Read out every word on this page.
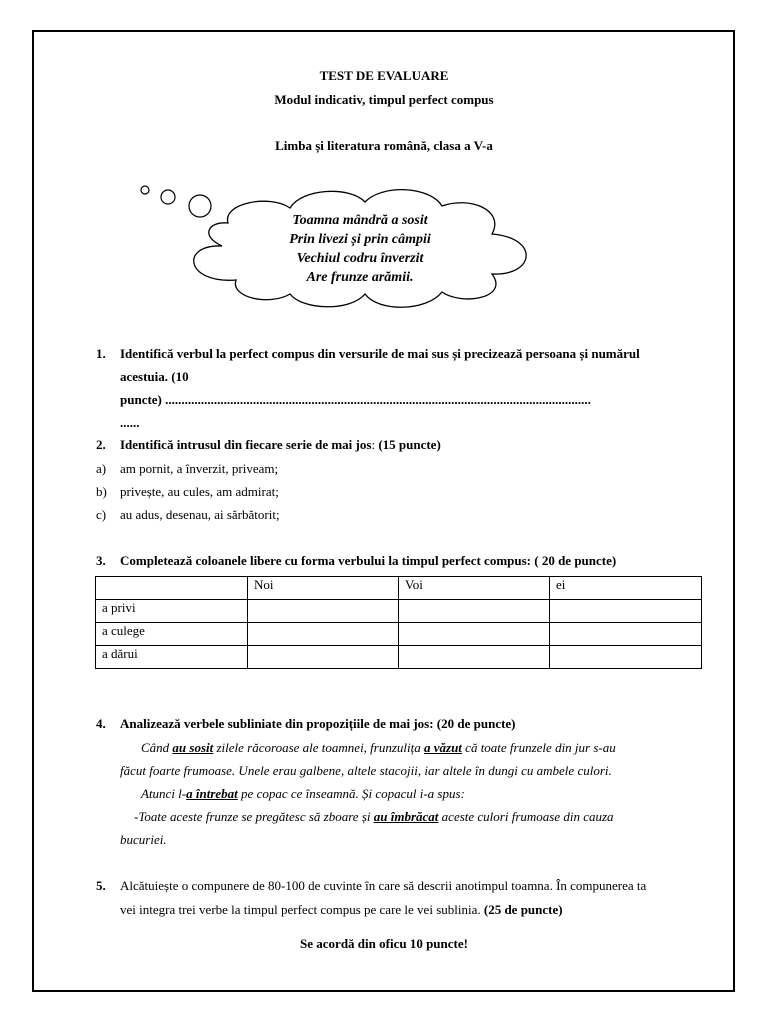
TEST DE EVALUARE
Modul indicativ, timpul perfect compus
Limba și literatura română, clasa a V-a
Toamna mândră a sosit
Prin livezi și prin câmpii
Vechiul codru înverzit
Are frunze arămii.
1. Identifică verbul la perfect compus din versurile de mai sus și precizează persoana și numărul
acestuia. (10
puncte) ...................................................................................................................................
......
2. Identifică intrusul din fiecare serie de mai jos: (15 puncte)
a) am pornit, a înverzit, priveam;
b) privește, au cules, am admirat;
c) au adus, desenau, ai sărbătorit;
3. Completează coloanele libere cu forma verbului la timpul perfect compus: ( 20 de puncte)
	Noi	Voi	ei
a privi			
a culege			
a dărui			
4. Analizează verbele subliniate din propozițiile de mai jos: (20 de puncte)
Când au sosit zilele răcoroase ale toamnei, frunzulița a văzut că toate frunzele din jur s-au
făcut foarte frumoase. Unele erau galbene, altele stacojii, iar altele în dungi cu ambele culori.
Atunci l-a întrebat pe copac ce înseamnă. Și copacul i-a spus:
-Toate aceste frunze se pregătesc să zboare și au îmbrăcat aceste culori frumoase din cauza
bucuriei.
5. Alcătuiește o compunere de 80-100 de cuvinte în care să descrii anotimpul toamna. În compunerea ta
vei integra trei verbe la timpul perfect compus pe care le vei sublinia. (25 de puncte)
Se acordă din oficu 10 puncte!
